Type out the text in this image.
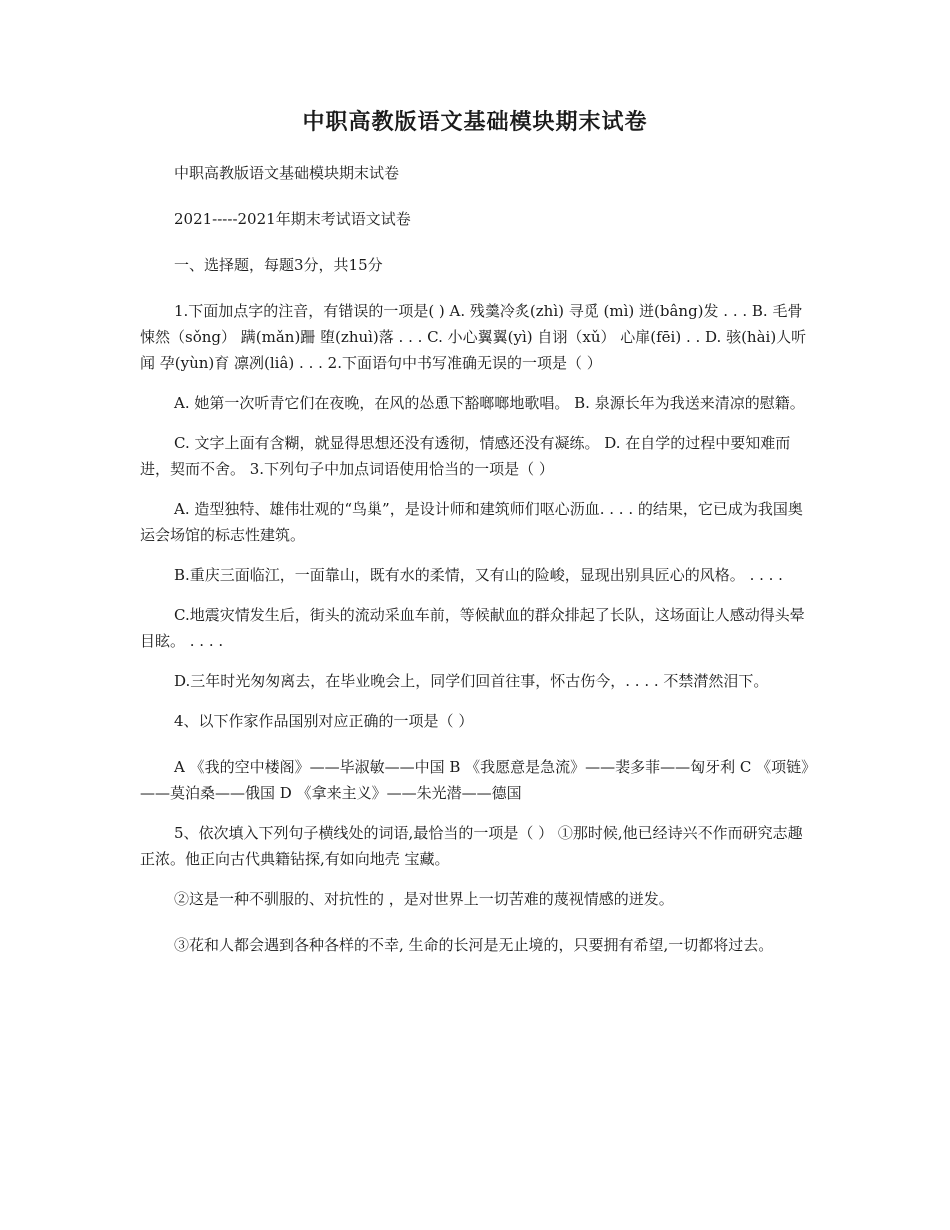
中职高教版语文基础模块期末试卷

中职高教版语文基础模块期末试卷

2021-----2021年期末考试语文试卷

一、选择题，每题3分，共15分

1.下面加点字的注音，有错误的一项是( ) A. 残羹冷炙(zhì) 寻觅 (mì) 迸(bâng)发 . . . B. 毛骨悚然（sǒng） 蹒(mǎn)跚 堕(zhuì)落 . . . C. 小心翼翼(yì) 自诩（xǔ） 心扉(fēi) . . D. 骇(hài)人听闻 孕(yùn)育 凛冽(liâ) . . . 2.下面语句中书写准确无误的一项是（ ）

A. 她第一次听青它们在夜晚，在风的怂恿下豁啷啷地歌唱。 B. 泉源长年为我送来清凉的慰籍。

C. 文字上面有含糊，就显得思想还没有透彻，情感还没有凝练。 D. 在自学的过程中要知难而进，契而不舍。 3.下列句子中加点词语使用恰当的一项是（ ）

A. 造型独特、雄伟壮观的“鸟巢”，是设计师和建筑师们呕心沥血. . . . 的结果，它已成为我国奥运会场馆的标志性建筑。

B.重庆三面临江，一面靠山，既有水的柔情，又有山的险峻，显现出别具匠心的风格。 . . . .

C.地震灾情发生后，街头的流动采血车前，等候献血的群众排起了长队，这场面让人感动得头晕目眩。 . . . .

D.三年时光匆匆离去，在毕业晚会上，同学们回首往事，怀古伤今，. . . . 不禁潸然泪下。

4、以下作家作品国别对应正确的一项是（ ）

A 《我的空中楼阁》——毕淑敏——中国 B 《我愿意是急流》——裴多菲——匈牙利 C 《项链》——莫泊桑——俄国 D 《拿来主义》——朱光潜——德国

5、依次填入下列句子横线处的词语,最恰当的一项是（ ） ①那时候,他已经诗兴不作而研究志趣正浓。他正向古代典籍钻探,有如向地壳 宝藏。

②这是一种不驯服的、对抗性的 ，是对世界上一切苦难的蔑视情感的迸发。

③花和人都会遇到各种各样的不幸, 生命的长河是无止境的，只要拥有希望,一切都将过去。
